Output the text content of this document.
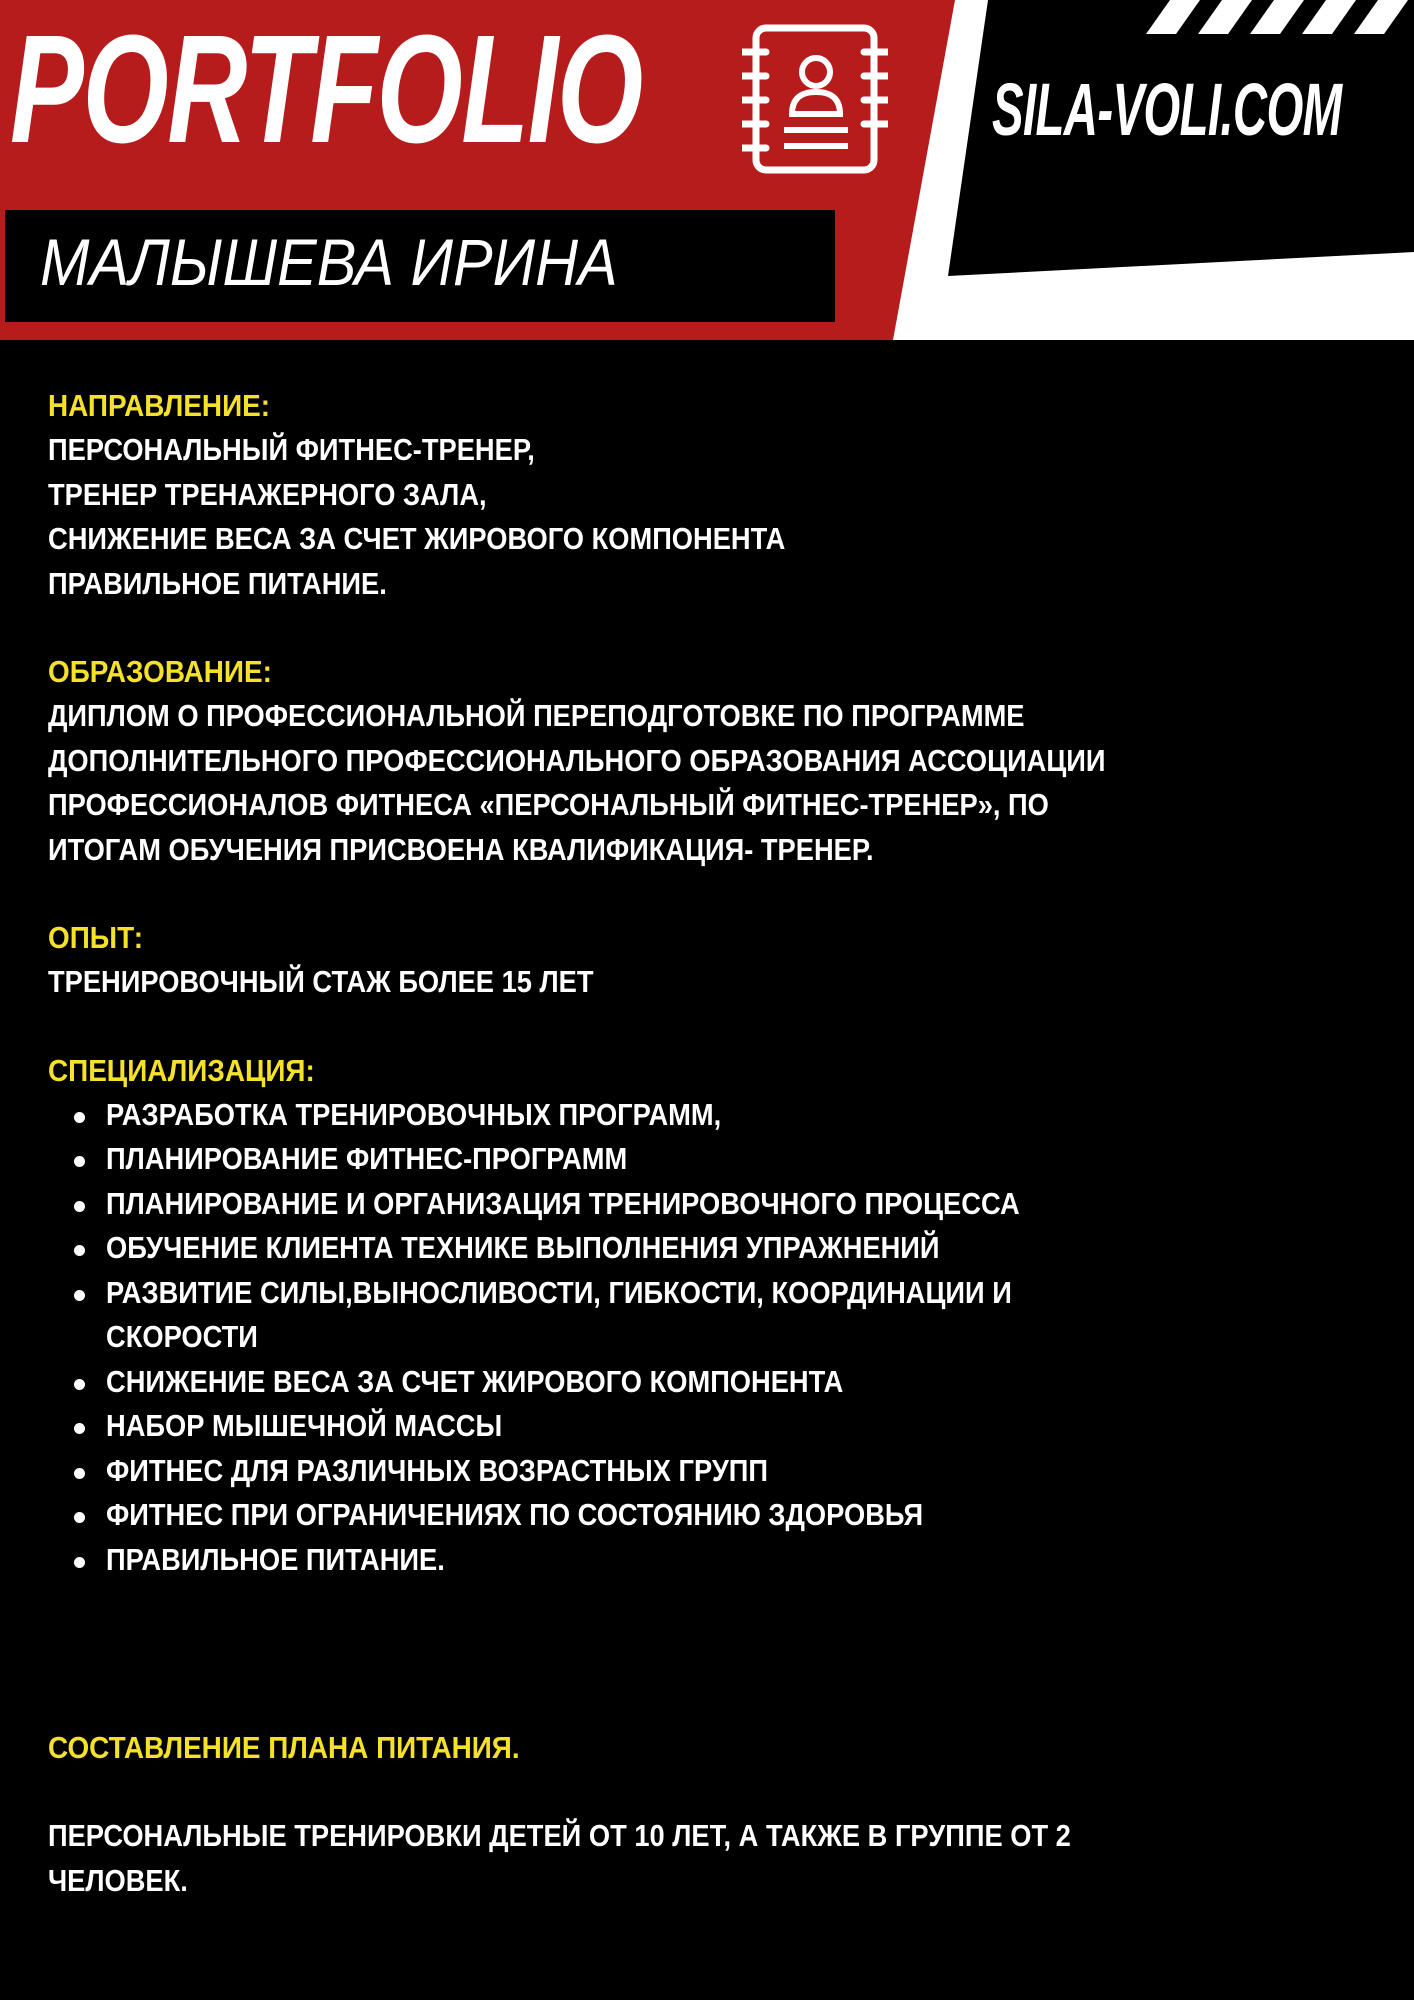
PORTFOLIO	SILA-VOLI.COM
МАЛЫШЕВА ИРИНА
НАПРАВЛЕНИЕ:

ПЕРСОНАЛЬНЫЙ ФИТНЕС-ТРЕНЕР,

ТРЕНЕР ТРЕНАЖЕРНОГО ЗАЛА,

СНИЖЕНИЕ ВЕСА ЗА СЧЕТ ЖИРОВОГО КОМПОНЕНТА

ПРАВИЛЬНОЕ ПИТАНИЕ.

ОБРАЗОВАНИЕ:

ДИПЛОМ О ПРОФЕССИОНАЛЬНОЙ ПЕРЕПОДГОТОВКЕ ПО ПРОГРАММЕ

ДОПОЛНИТЕЛЬНОГО ПРОФЕССИОНАЛЬНОГО ОБРАЗОВАНИЯ АССОЦИАЦИИ

ПРОФЕССИОНАЛОВ ФИТНЕСА «ПЕРСОНАЛЬНЫЙ ФИТНЕС-ТРЕНЕР», ПО

ИТОГАМ ОБУЧЕНИЯ ПРИСВОЕНА КВАЛИФИКАЦИЯ- ТРЕНЕР.

ОПЫТ:

ТРЕНИРОВОЧНЫЙ СТАЖ БОЛЕЕ 15 ЛЕТ

СПЕЦИАЛИЗАЦИЯ:
РАЗРАБОТКА ТРЕНИРОВОЧНЫХ ПРОГРАММ,
ПЛАНИРОВАНИЕ ФИТНЕС-ПРОГРАММ
ПЛАНИРОВАНИЕ И ОРГАНИЗАЦИЯ ТРЕНИРОВОЧНОГО ПРОЦЕССА
ОБУЧЕНИЕ КЛИЕНТА ТЕХНИКЕ ВЫПОЛНЕНИЯ УПРАЖНЕНИЙ
РАЗВИТИЕ СИЛЫ,ВЫНОСЛИВОСТИ, ГИБКОСТИ, КООРДИНАЦИИ И СКОРОСТИ
СНИЖЕНИЕ ВЕСА ЗА СЧЕТ ЖИРОВОГО КОМПОНЕНТА
НАБОР МЫШЕЧНОЙ МАССЫ
ФИТНЕС ДЛЯ РАЗЛИЧНЫХ ВОЗРАСТНЫХ ГРУПП
ФИТНЕС ПРИ ОГРАНИЧЕНИЯХ ПО СОСТОЯНИЮ ЗДОРОВЬЯ
ПРАВИЛЬНОЕ ПИТАНИЕ.
СОСТАВЛЕНИЕ ПЛАНА ПИТАНИЯ.

ПЕРСОНАЛЬНЫЕ ТРЕНИРОВКИ ДЕТЕЙ ОТ 10 ЛЕТ, А ТАКЖЕ В ГРУППЕ ОТ 2

ЧЕЛОВЕК.
